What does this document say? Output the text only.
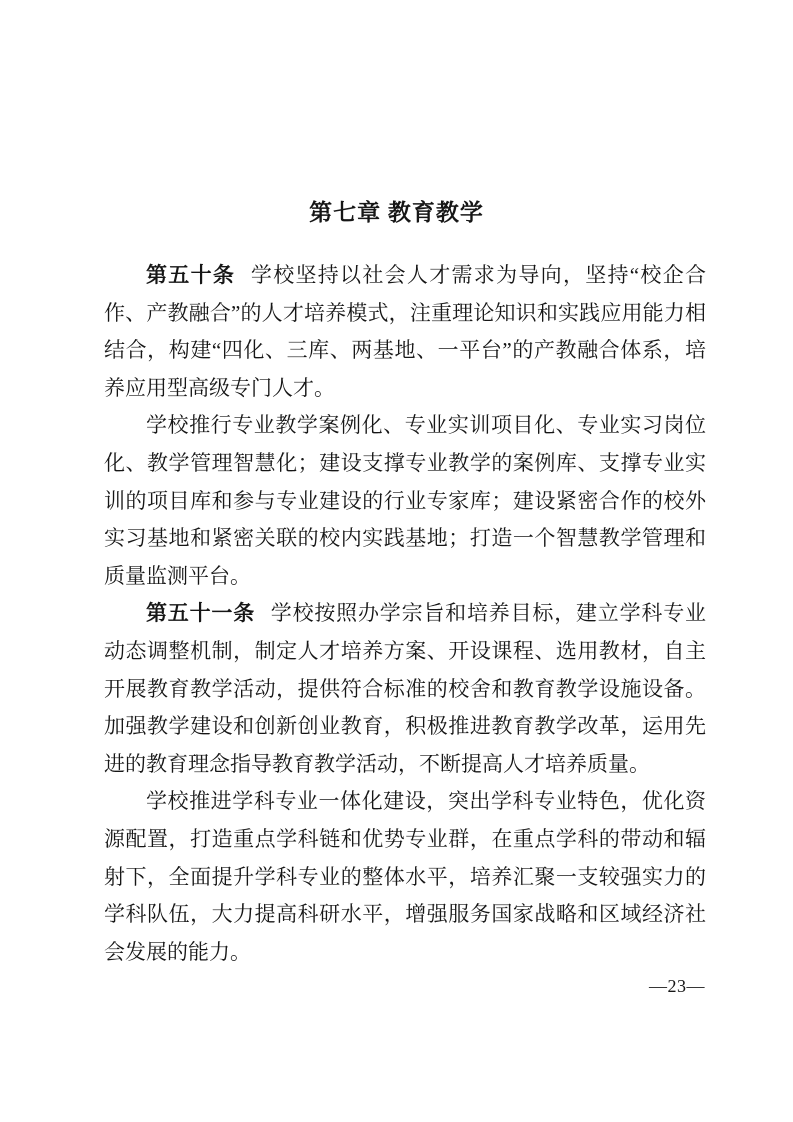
第七章 教育教学

第五十条 学校坚持以社会人才需求为导向，坚持“校企合作、产教融合”的人才培养模式，注重理论知识和实践应用能力相结合，构建“四化、三库、两基地、一平台”的产教融合体系，培养应用型高级专门人才。

学校推行专业教学案例化、专业实训项目化、专业实习岗位化、教学管理智慧化；建设支撑专业教学的案例库、支撑专业实训的项目库和参与专业建设的行业专家库；建设紧密合作的校外实习基地和紧密关联的校内实践基地；打造一个智慧教学管理和质量监测平台。

第五十一条 学校按照办学宗旨和培养目标，建立学科专业动态调整机制，制定人才培养方案、开设课程、选用教材，自主开展教育教学活动，提供符合标准的校舍和教育教学设施设备。加强教学建设和创新创业教育，积极推进教育教学改革，运用先进的教育理念指导教育教学活动，不断提高人才培养质量。

学校推进学科专业一体化建设，突出学科专业特色，优化资源配置，打造重点学科链和优势专业群，在重点学科的带动和辐射下，全面提升学科专业的整体水平，培养汇聚一支较强实力的学科队伍，大力提高科研水平，增强服务国家战略和区域经济社会发展的能力。

—23—
